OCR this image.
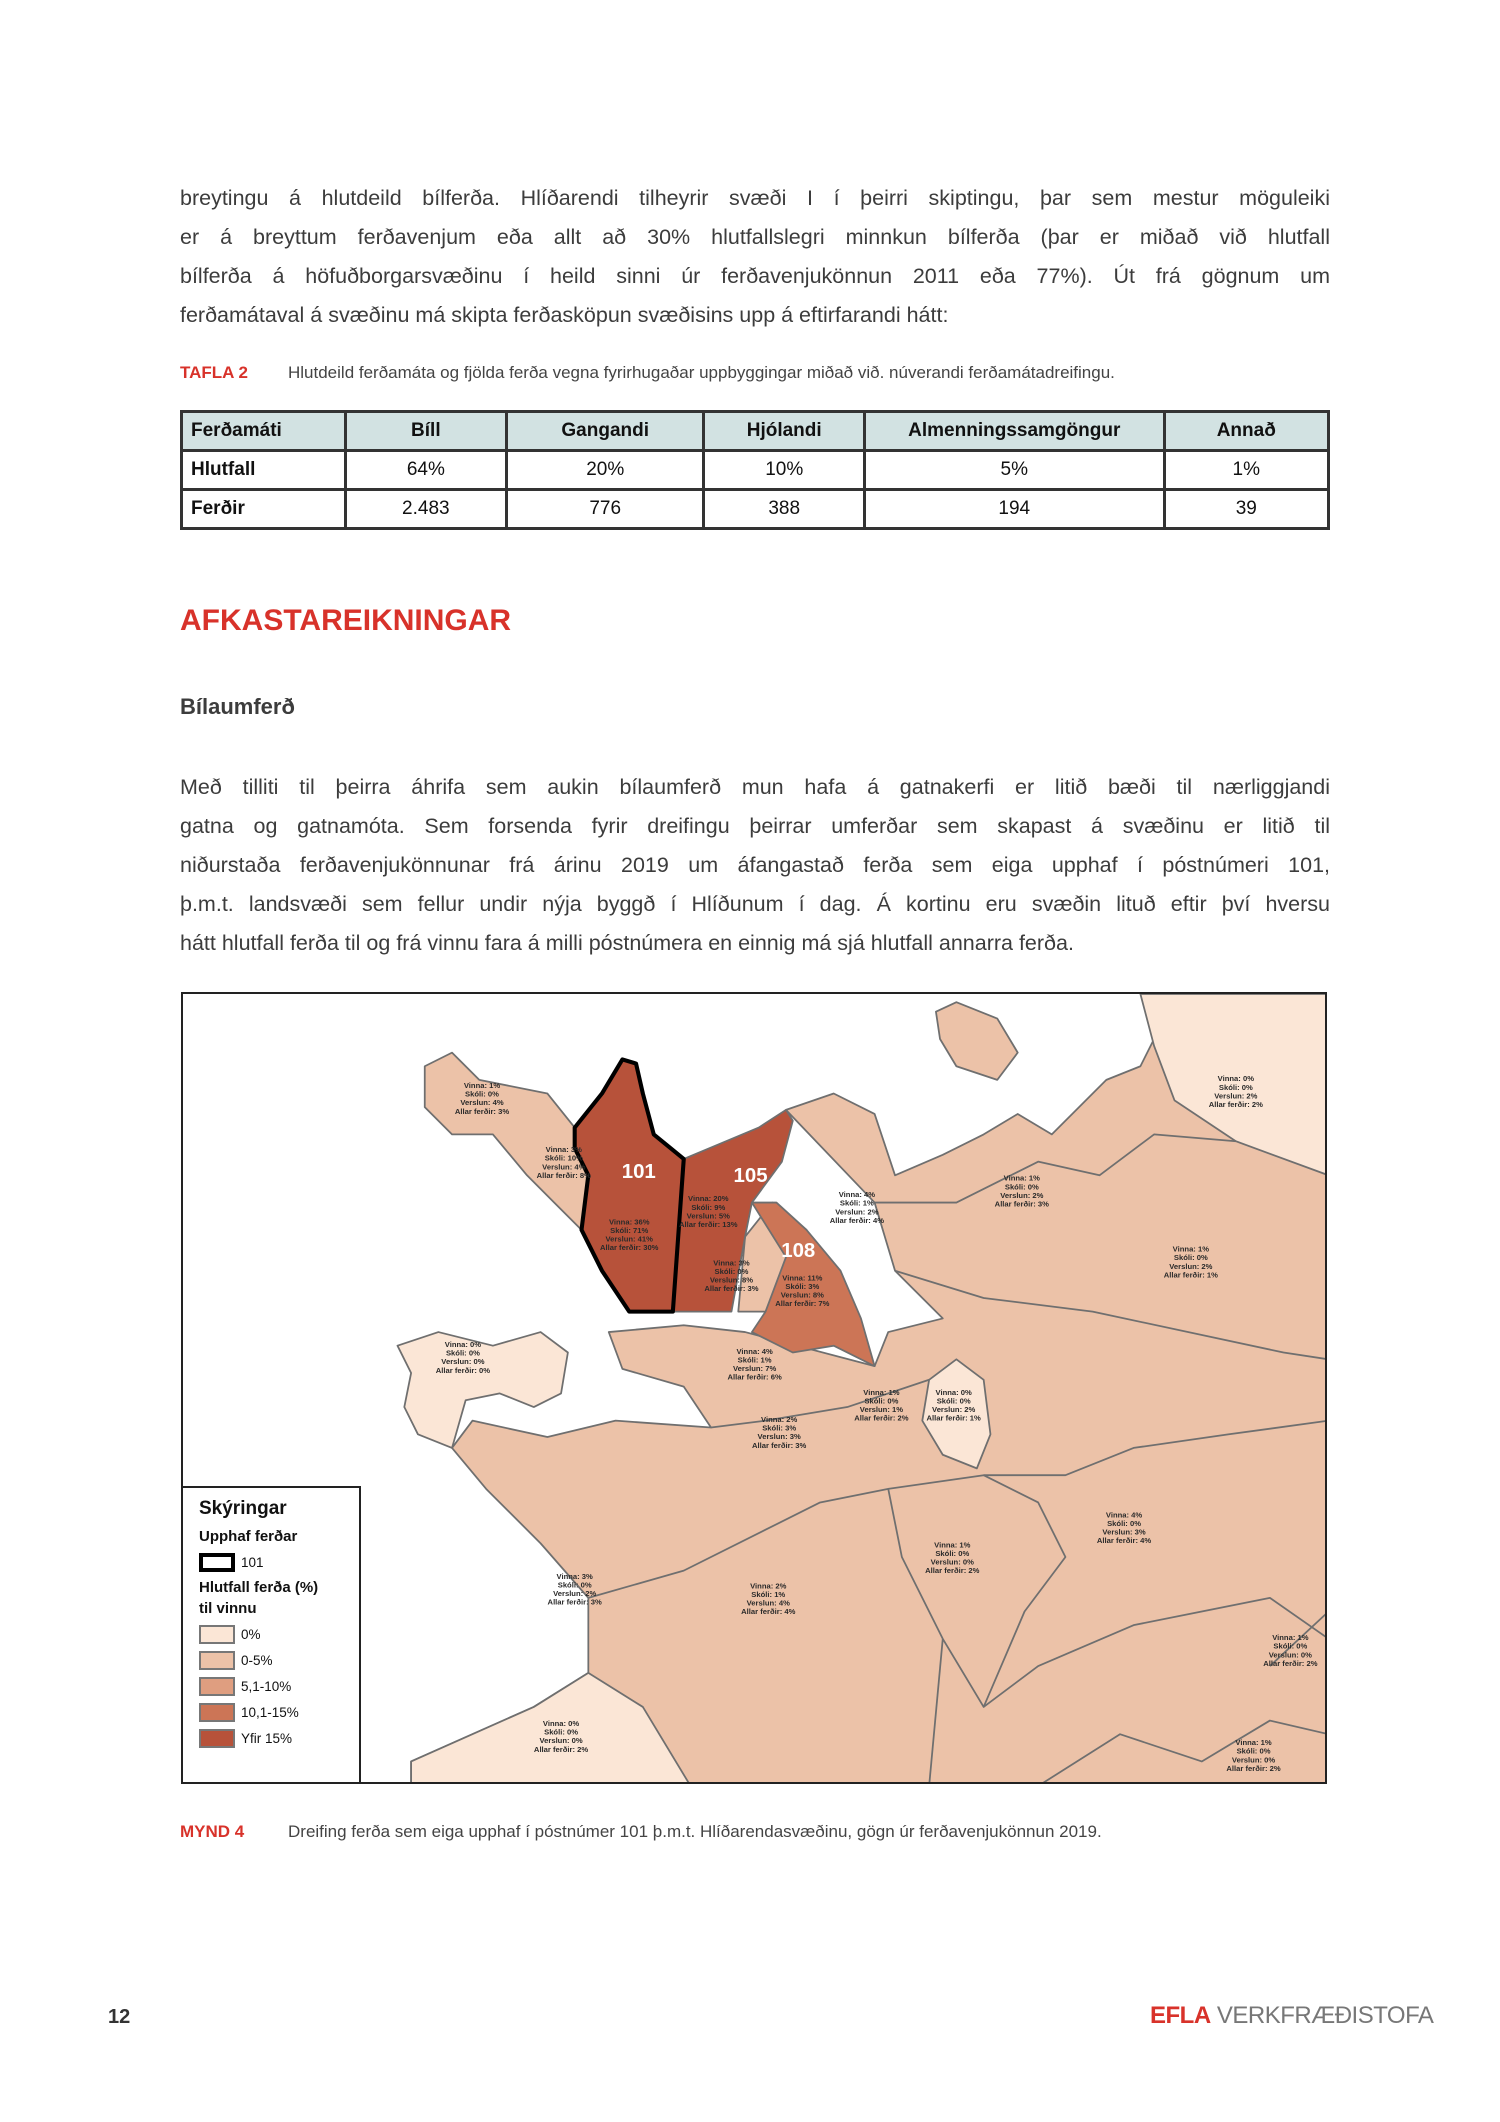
breytingu á hlutdeild bílferða. Hlíðarendi tilheyrir svæði I í þeirri skiptingu, þar sem mestur möguleiki
er á breyttum ferðavenjum eða allt að 30% hlutfallslegri minnkun bílferða (þar er miðað við hlutfall
bílferða á höfuðborgarsvæðinu í heild sinni úr ferðavenjukönnun 2011 eða 77%). Út frá gögnum um
ferðamátaval á svæðinu má skipta ferðasköpun svæðisins upp á eftirfarandi hátt:
TAFLA 2 Hlutdeild ferðamáta og fjölda ferða vegna fyrirhugaðar uppbyggingar miðað við. núverandi ferðamátadreifingu.
Ferðamáti	Bíll	Gangandi	Hjólandi	Almenningssamgöngur	Annað
Hlutfall	64%	20%	10%	5%	1%
Ferðir	2.483	776	388	194	39
AFKASTAREIKNINGAR
Bílaumferð
Með tilliti til þeirra áhrifa sem aukin bílaumferð mun hafa á gatnakerfi er litið bæði til nærliggjandi
gatna og gatnamóta. Sem forsenda fyrir dreifingu þeirrar umferðar sem skapast á svæðinu er litið til
niðurstaða ferðavenjukönnunar frá árinu 2019 um áfangastað ferða sem eiga upphaf í póstnúmeri 101,
þ.m.t. landsvæði sem fellur undir nýja byggð í Hlíðunum í dag. Á kortinu eru svæðin lituð eftir því hversu
hátt hlutfall ferða til og frá vinnu fara á milli póstnúmera en einnig má sjá hlutfall annarra ferða.
Vinna: 1%
Skóli: 0%
Verslun: 4%
Allar ferðir: 3%
Vinna: 3%
Skóli: 10%
Verslun: 4%
Allar ferðir: 8%
Vinna: 36%
Skóli: 71%
Verslun: 41%
Allar ferðir: 30%
Vinna: 20%
Skóli: 9%
Verslun: 5%
Allar ferðir: 13%
Vinna: 4%
Skóli: 1%
Verslun: 2%
Allar ferðir: 4%
Vinna: 3%
Skóli: 0%
Verslun: 8%
Allar ferðir: 3%
Vinna: 11%
Skóli: 3%
Verslun: 8%
Allar ferðir: 7%
Vinna: 0%
Skóli: 0%
Verslun: 0%
Allar ferðir: 0%
Vinna: 4%
Skóli: 1%
Verslun: 7%
Allar ferðir: 6%
Vinna: 0%
Skóli: 0%
Verslun: 2%
Allar ferðir: 2%
Vinna: 1%
Skóli: 0%
Verslun: 2%
Allar ferðir: 3%
Vinna: 1%
Skóli: 0%
Verslun: 2%
Allar ferðir: 1%
Vinna: 2%
Skóli: 3%
Verslun: 3%
Allar ferðir: 3%
Vinna: 1%
Skóli: 0%
Verslun: 1%
Allar ferðir: 2%
Vinna: 0%
Skóli: 0%
Verslun: 2%
Allar ferðir: 1%
Vinna: 3%
Skóli: 0%
Verslun: 2%
Allar ferðir: 3%
Vinna: 2%
Skóli: 1%
Verslun: 4%
Allar ferðir: 4%
Vinna: 0%
Skóli: 0%
Verslun: 0%
Allar ferðir: 2%
Vinna: 4%
Skóli: 0%
Verslun: 3%
Allar ferðir: 4%
Vinna: 1%
Skóli: 0%
Verslun: 0%
Allar ferðir: 2%
Vinna: 1%
Skóli: 0%
Verslun: 0%
Allar ferðir: 2%
Vinna: 1%
Skóli: 0%
Verslun: 0%
Allar ferðir: 2%
101	105
108
Skýringar
Upphaf ferðar
101
Hlutfall ferða (%)
til vinnu
0%
0-5%
5,1-10%
10,1-15%
Yfir 15%
MYND 4	Dreifing ferða sem eiga upphaf í póstnúmer 101 þ.m.t. Hlíðarendasvæðinu, gögn úr ferðavenjukönnun 2019.
12	EFLA VERKFRÆÐISTOFA
